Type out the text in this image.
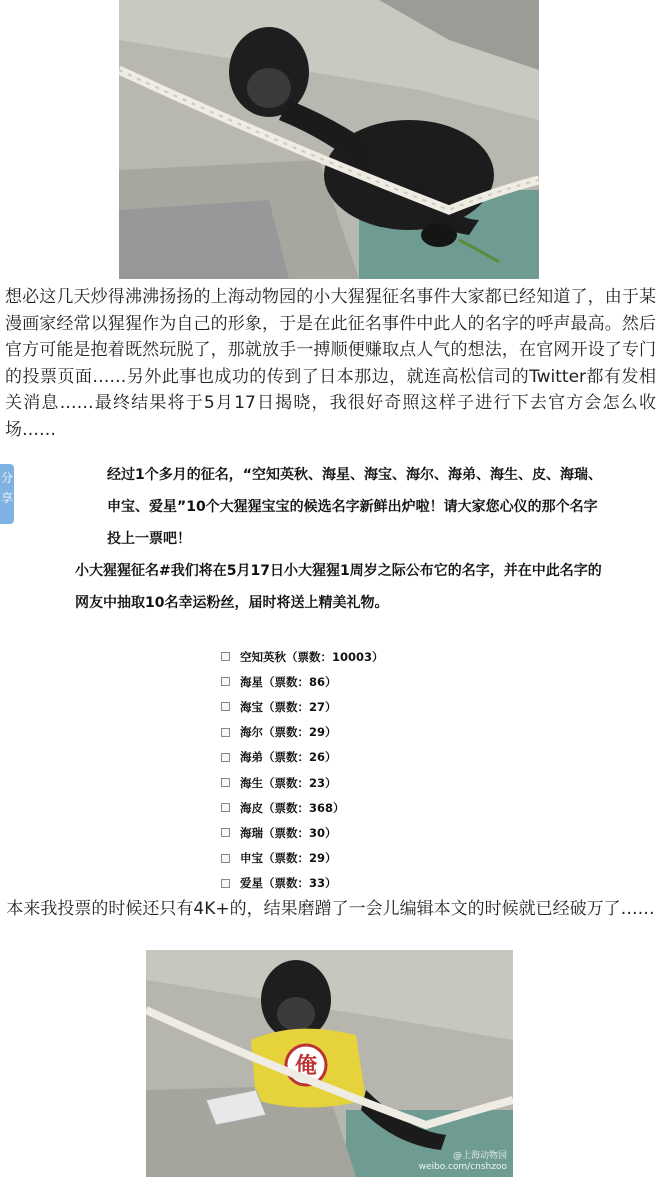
想必这几天炒得沸沸扬扬的上海动物园的小大猩猩征名事件大家都已经知道了，由于某漫画家经常以猩猩作为自己的形象，于是在此征名事件中此人的名字的呼声最高。然后官方可能是抱着既然玩脱了，那就放手一搏顺便赚取点人气的想法，在官网开设了专门的投票页面……另外此事也成功的传到了日本那边，就连高松信司的Twitter都有发相关消息……最终结果将于5月17日揭晓，我很好奇照这样子进行下去官方会怎么收场……
分
享
经过1个多月的征名，“空知英秋、海星、海宝、海尔、海弟、海生、皮、海瑞、申宝、爱星”10个大猩猩宝宝的候选名字新鲜出炉啦！请大家您心仪的那个名字投上一票吧！
小大猩猩征名#我们将在5月17日小大猩猩1周岁之际公布它的名字，并在中此名字的网友中抽取10名幸运粉丝，届时将送上精美礼物。
空知英秋（票数：10003）
海星（票数：86）
海宝（票数：27）
海尔（票数：29）
海弟（票数：26）
海生（票数：23）
海皮（票数：368）
海瑞（票数：30）
申宝（票数：29）
爱星（票数：33）
本来我投票的时候还只有4K+的，结果磨蹭了一会儿编辑本文的时候就已经破万了……
俺
@上海动物园
weibo.com/cnshzoo
